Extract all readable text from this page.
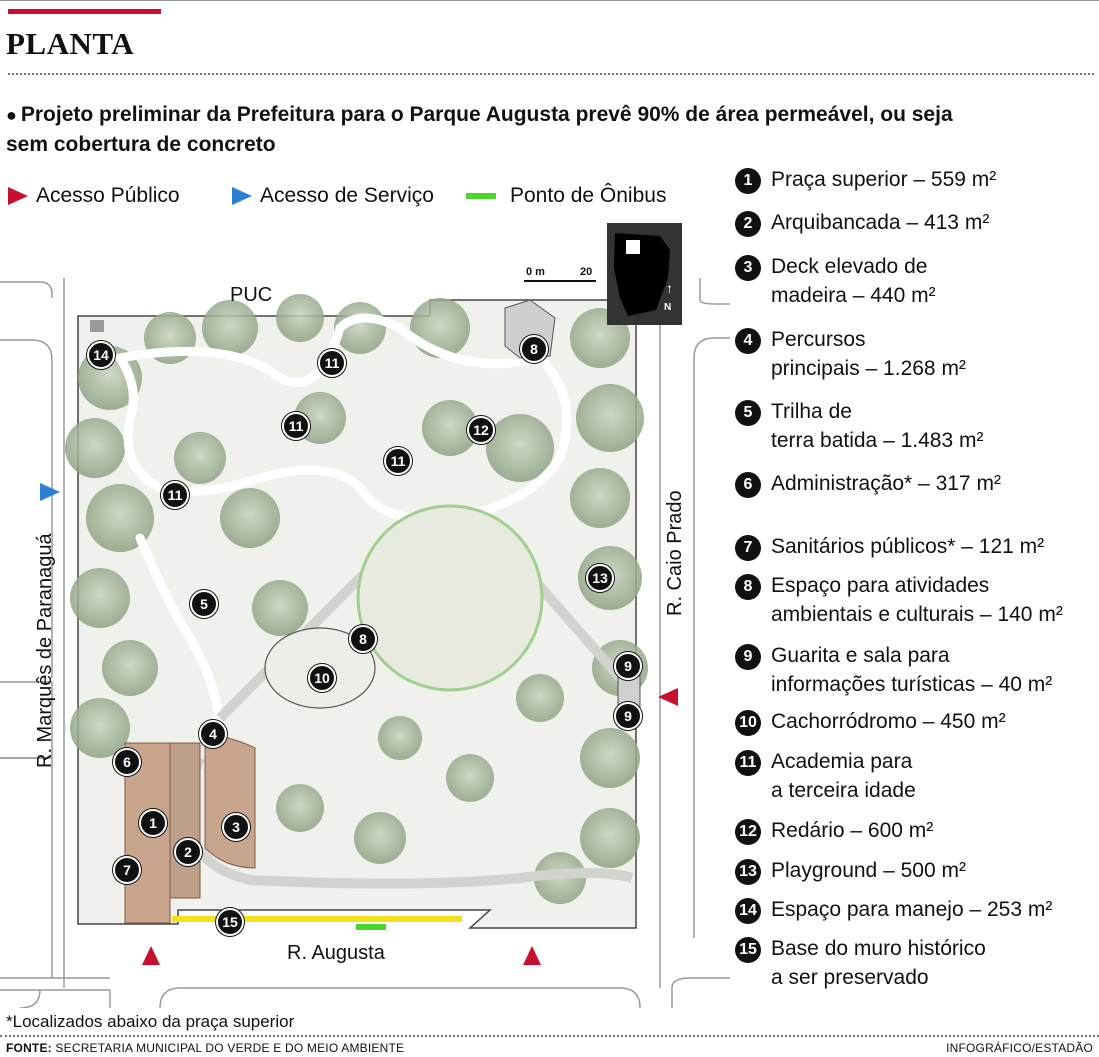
PLANTA

● Projeto preliminar da Prefeitura para o Parque Augusta prevê 90% de área permeável, ou seja sem cobertura de concreto

Acesso Público	Acesso de Serviço	Ponto de Ônibus
PUC
R. Augusta
R. Marquês de Paranaguá	R. Caio Prado
0 m	20
↑
N
14	11
11	12
11
11
5
8
10
13
9
9
4
6
1	3
2
7
15
8
1 Praça superior – 559 m²
2 Arquibancada – 413 m²
3 Deck elevado de
madeira – 440 m²
4 Percursos
principais – 1.268 m²
5 Trilha de
terra batida – 1.483 m²
6 Administração* – 317 m²
7 Sanitários públicos* – 121 m²
8 Espaço para atividades
ambientais e culturais – 140 m²
9 Guarita e sala para
informações turísticas – 40 m²
10 Cachorródromo – 450 m²
11 Academia para
a terceira idade
12 Redário – 600 m²
13 Playground – 500 m²
14 Espaço para manejo – 253 m²
15 Base do muro histórico
a ser preservado
*Localizados abaixo da praça superior
FONTE: SECRETARIA MUNICIPAL DO VERDE E DO MEIO AMBIENTE	INFOGRÁFICO/ESTADÃO
